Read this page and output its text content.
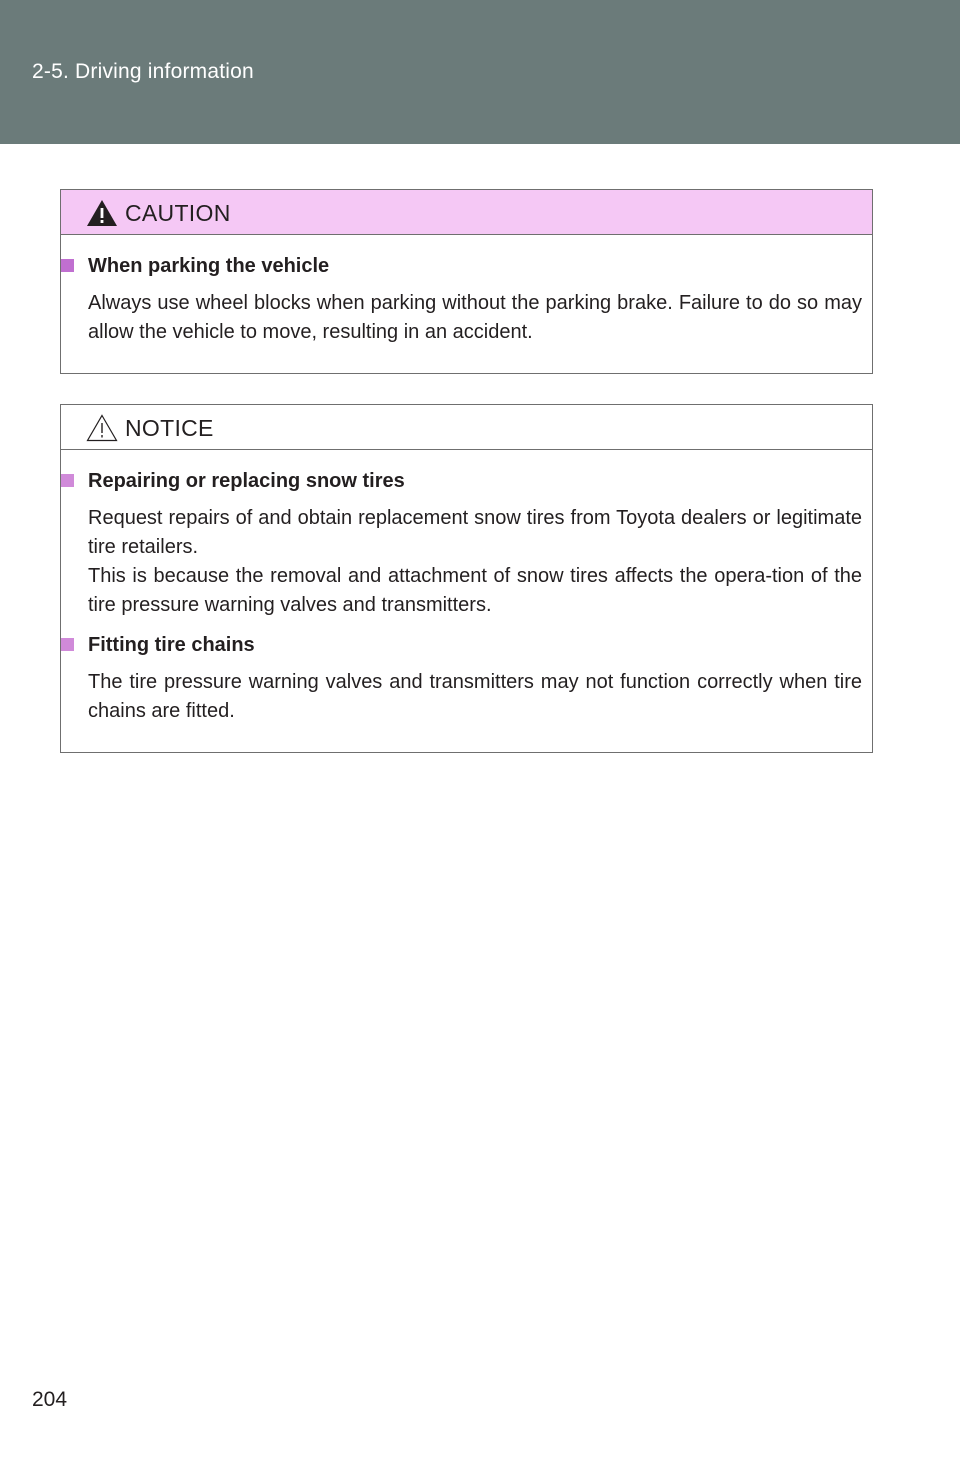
2-5. Driving information
CAUTION
When parking the vehicle

Always use wheel blocks when parking without the parking brake. Failure to do so may allow the vehicle to move, resulting in an accident.

NOTICE
Repairing or replacing snow tires

Request repairs of and obtain replacement snow tires from Toyota dealers or legitimate tire retailers.

This is because the removal and attachment of snow tires affects the opera-tion of the tire pressure warning valves and transmitters.

Fitting tire chains

The tire pressure warning valves and transmitters may not function correctly when tire chains are fitted.

204
